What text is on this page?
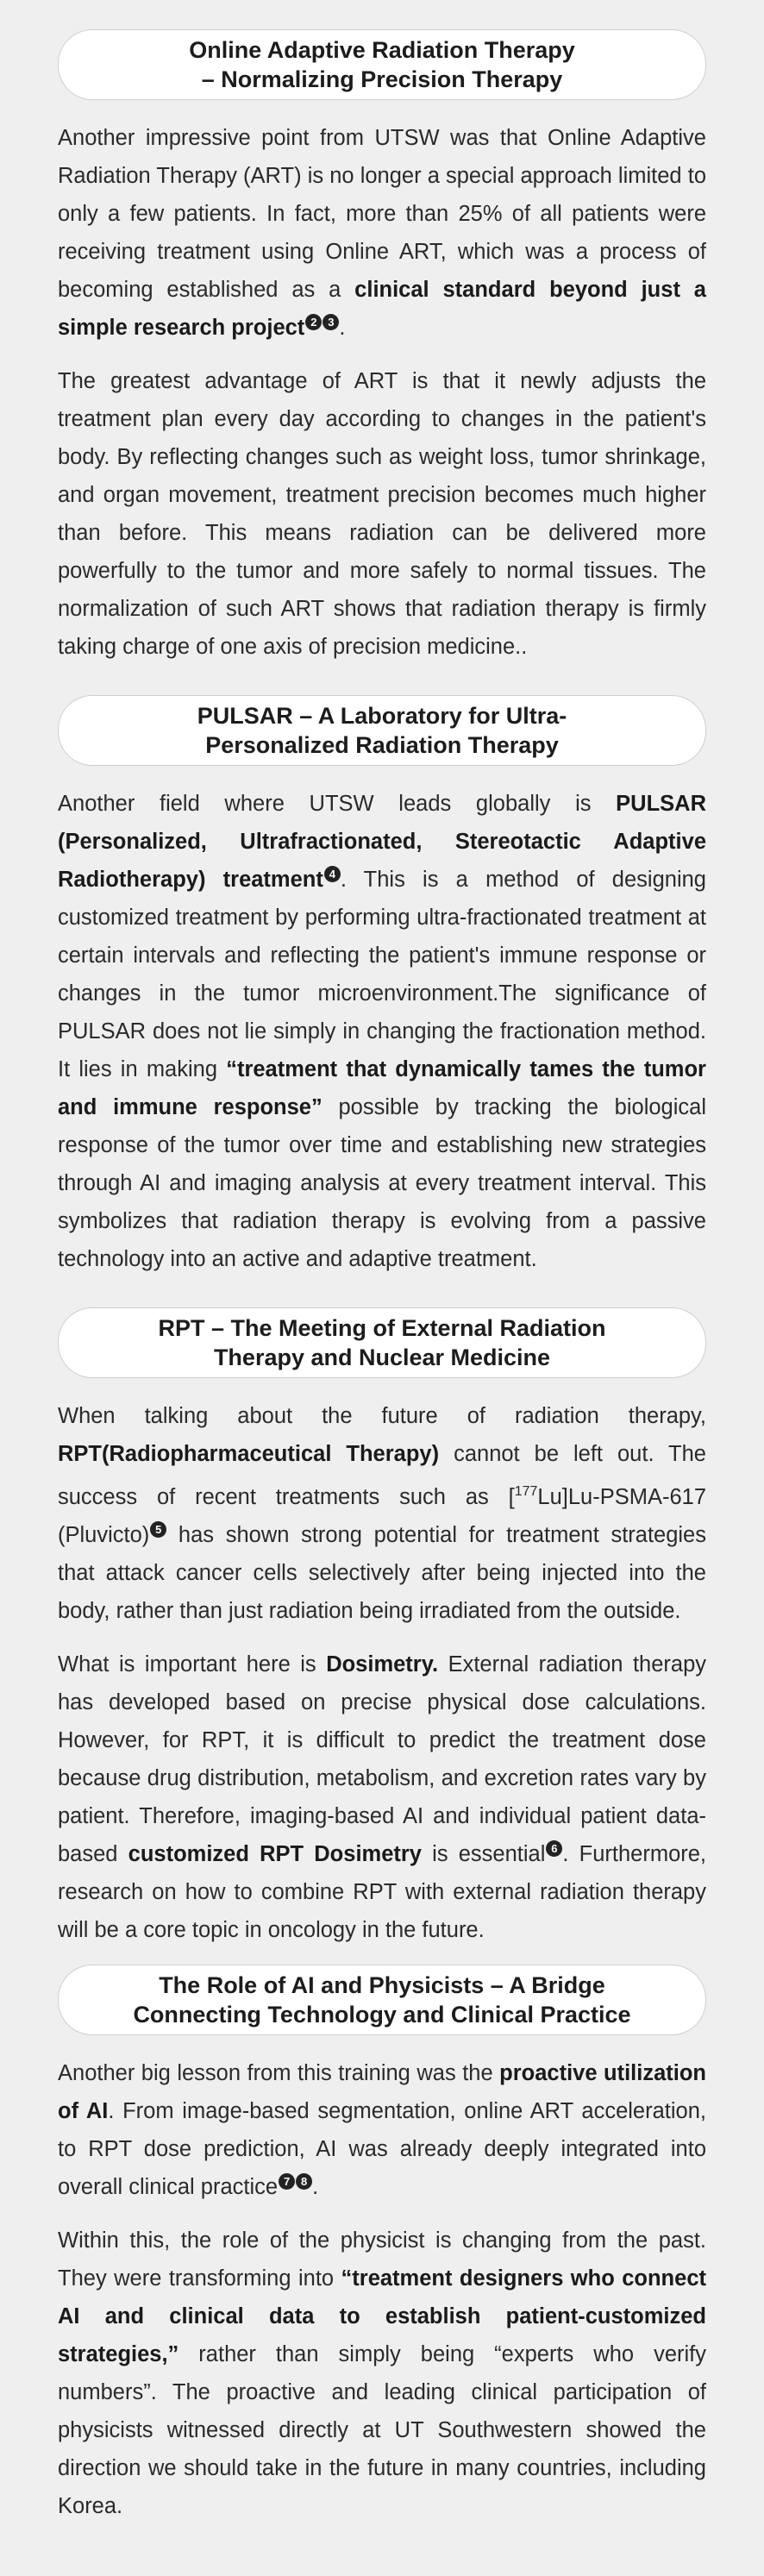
Online Adaptive Radiation Therapy
– Normalizing Precision Therapy

Another impressive point from UTSW was that Online Adaptive Radiation Therapy (ART) is no longer a special approach limited to only a few patients. In fact, more than 25% of all patients were receiving treatment using Online ART, which was a process of becoming established as a clinical standard beyond just a simple research project 2 3 .

The greatest advantage of ART is that it newly adjusts the treatment plan every day according to changes in the patient's body. By reflecting changes such as weight loss, tumor shrinkage, and organ movement, treatment precision becomes much higher than before. This means radiation can be delivered more powerfully to the tumor and more safely to normal tissues. The normalization of such ART shows that radiation therapy is firmly taking charge of one axis of precision medicine..

PULSAR – A Laboratory for Ultra-
Personalized Radiation Therapy

Another field where UTSW leads globally is PULSAR (Personalized, Ultrafractionated, Stereotactic Adaptive Radiotherapy) treatment 4 . This is a method of designing customized treatment by performing ultra-fractionated treatment at certain intervals and reflecting the patient's immune response or changes in the tumor microenvironment.The significance of PULSAR does not lie simply in changing the fractionation method. It lies in making “treatment that dynamically tames the tumor and immune response” possible by tracking the biological response of the tumor over time and establishing new strategies through AI and imaging analysis at every treatment interval. This symbolizes that radiation therapy is evolving from a passive technology into an active and adaptive treatment.

RPT – The Meeting of External Radiation
Therapy and Nuclear Medicine

When talking about the future of radiation therapy, RPT(Radiopharmaceutical Therapy) cannot be left out. The success of recent treatments such as [$^{177}$Lu]Lu-PSMA-617 (Pluvicto) 5 has shown strong potential for treatment strategies that attack cancer cells selectively after being injected into the body, rather than just radiation being irradiated from the outside.

What is important here is Dosimetry. External radiation therapy has developed based on precise physical dose calculations. However, for RPT, it is difficult to predict the treatment dose because drug distribution, metabolism, and excretion rates vary by patient. Therefore, imaging-based AI and individual patient data-based customized RPT Dosimetry is essential 6 . Furthermore, research on how to combine RPT with external radiation therapy will be a core topic in oncology in the future.

The Role of AI and Physicists – A Bridge
Connecting Technology and Clinical Practice

Another big lesson from this training was the proactive utilization of AI. From image-based segmentation, online ART acceleration, to RPT dose prediction, AI was already deeply integrated into overall clinical practice 7 8 .

Within this, the role of the physicist is changing from the past. They were transforming into “treatment designers who connect AI and clinical data to establish patient-customized strategies,” rather than simply being “experts who verify numbers”. The proactive and leading clinical participation of physicists witnessed directly at UT Southwestern showed the direction we should take in the future in many countries, including Korea.
